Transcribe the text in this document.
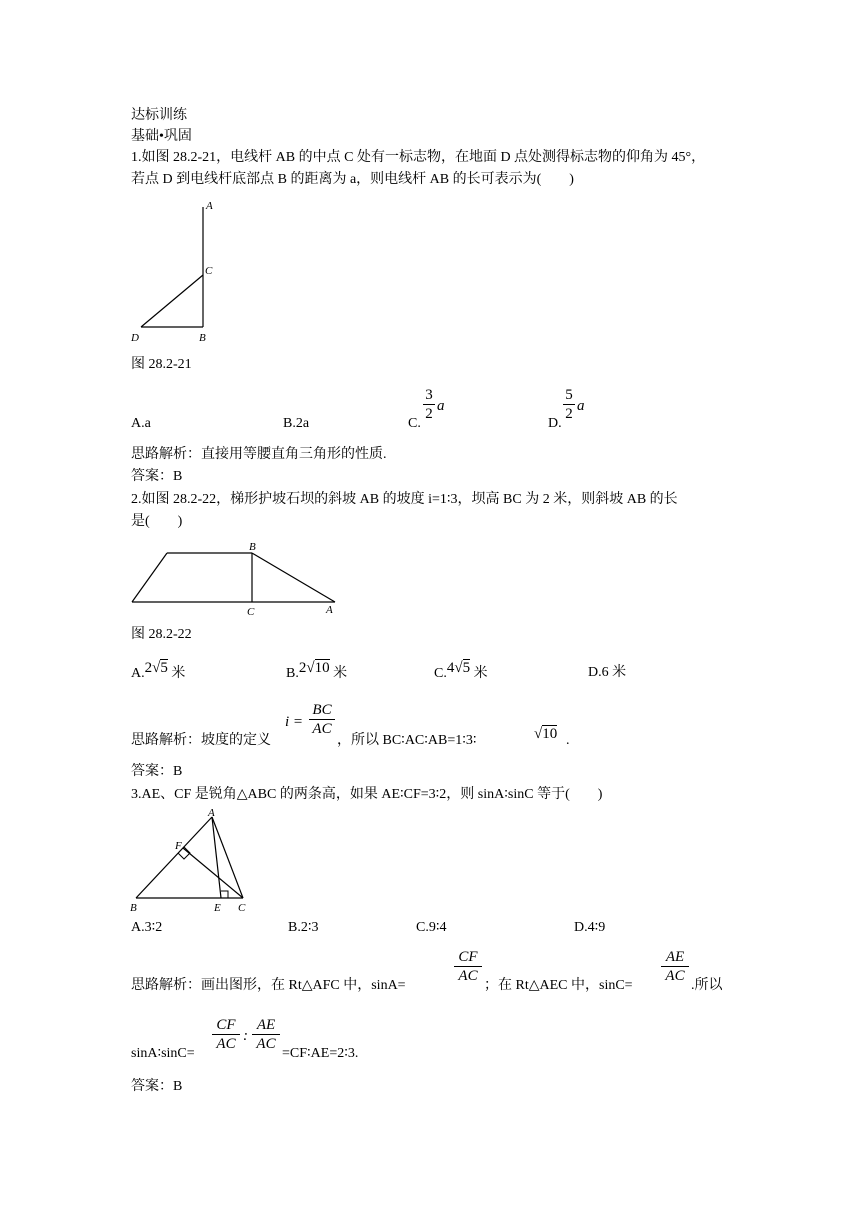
达标训练
基础•巩固
1.如图 28.2-21，电线杆 AB 的中点 C 处有一标志物，在地面 D 点处测得标志物的仰角为 45°，
若点 D 到电线杆底部点 B 的距离为 a，则电线杆 AB 的长可表示为(　　)
A
C
D	B
图 28.2-21
A.a	B.2a	C.
3
2 a
D.
5
2 a
思路解析：直接用等腰直角三角形的性质.
答案：B
2.如图 28.2-22，梯形护坡石坝的斜坡 AB 的坡度 i=1∶3，坝高 BC 为 2 米，则斜坡 AB 的长
是(　　)
B
C	A
图 28.2-22
A.2√5 米	B.2√10 米	C.4√5 米	D.6 米
思路解析：坡度的定义
i =
BC
AC
，所以 BC∶AC∶AB=1∶3∶	√10 .
答案：B
3.AE、CF 是锐角△ABC 的两条高，如果 AE∶CF=3∶2，则 sinA∶sinC 等于(　　)
A
F
B	E C
A.3∶2	B.2∶3	C.9∶4	D.4∶9
思路解析：画出图形，在 Rt△AFC 中，sinA=
CF
AC
；在 Rt△AEC 中，sinC=
AE
AC
.所以
sinA∶sinC=
CF
AC :
AE
AC
=CF∶AE=2∶3.
答案：B
